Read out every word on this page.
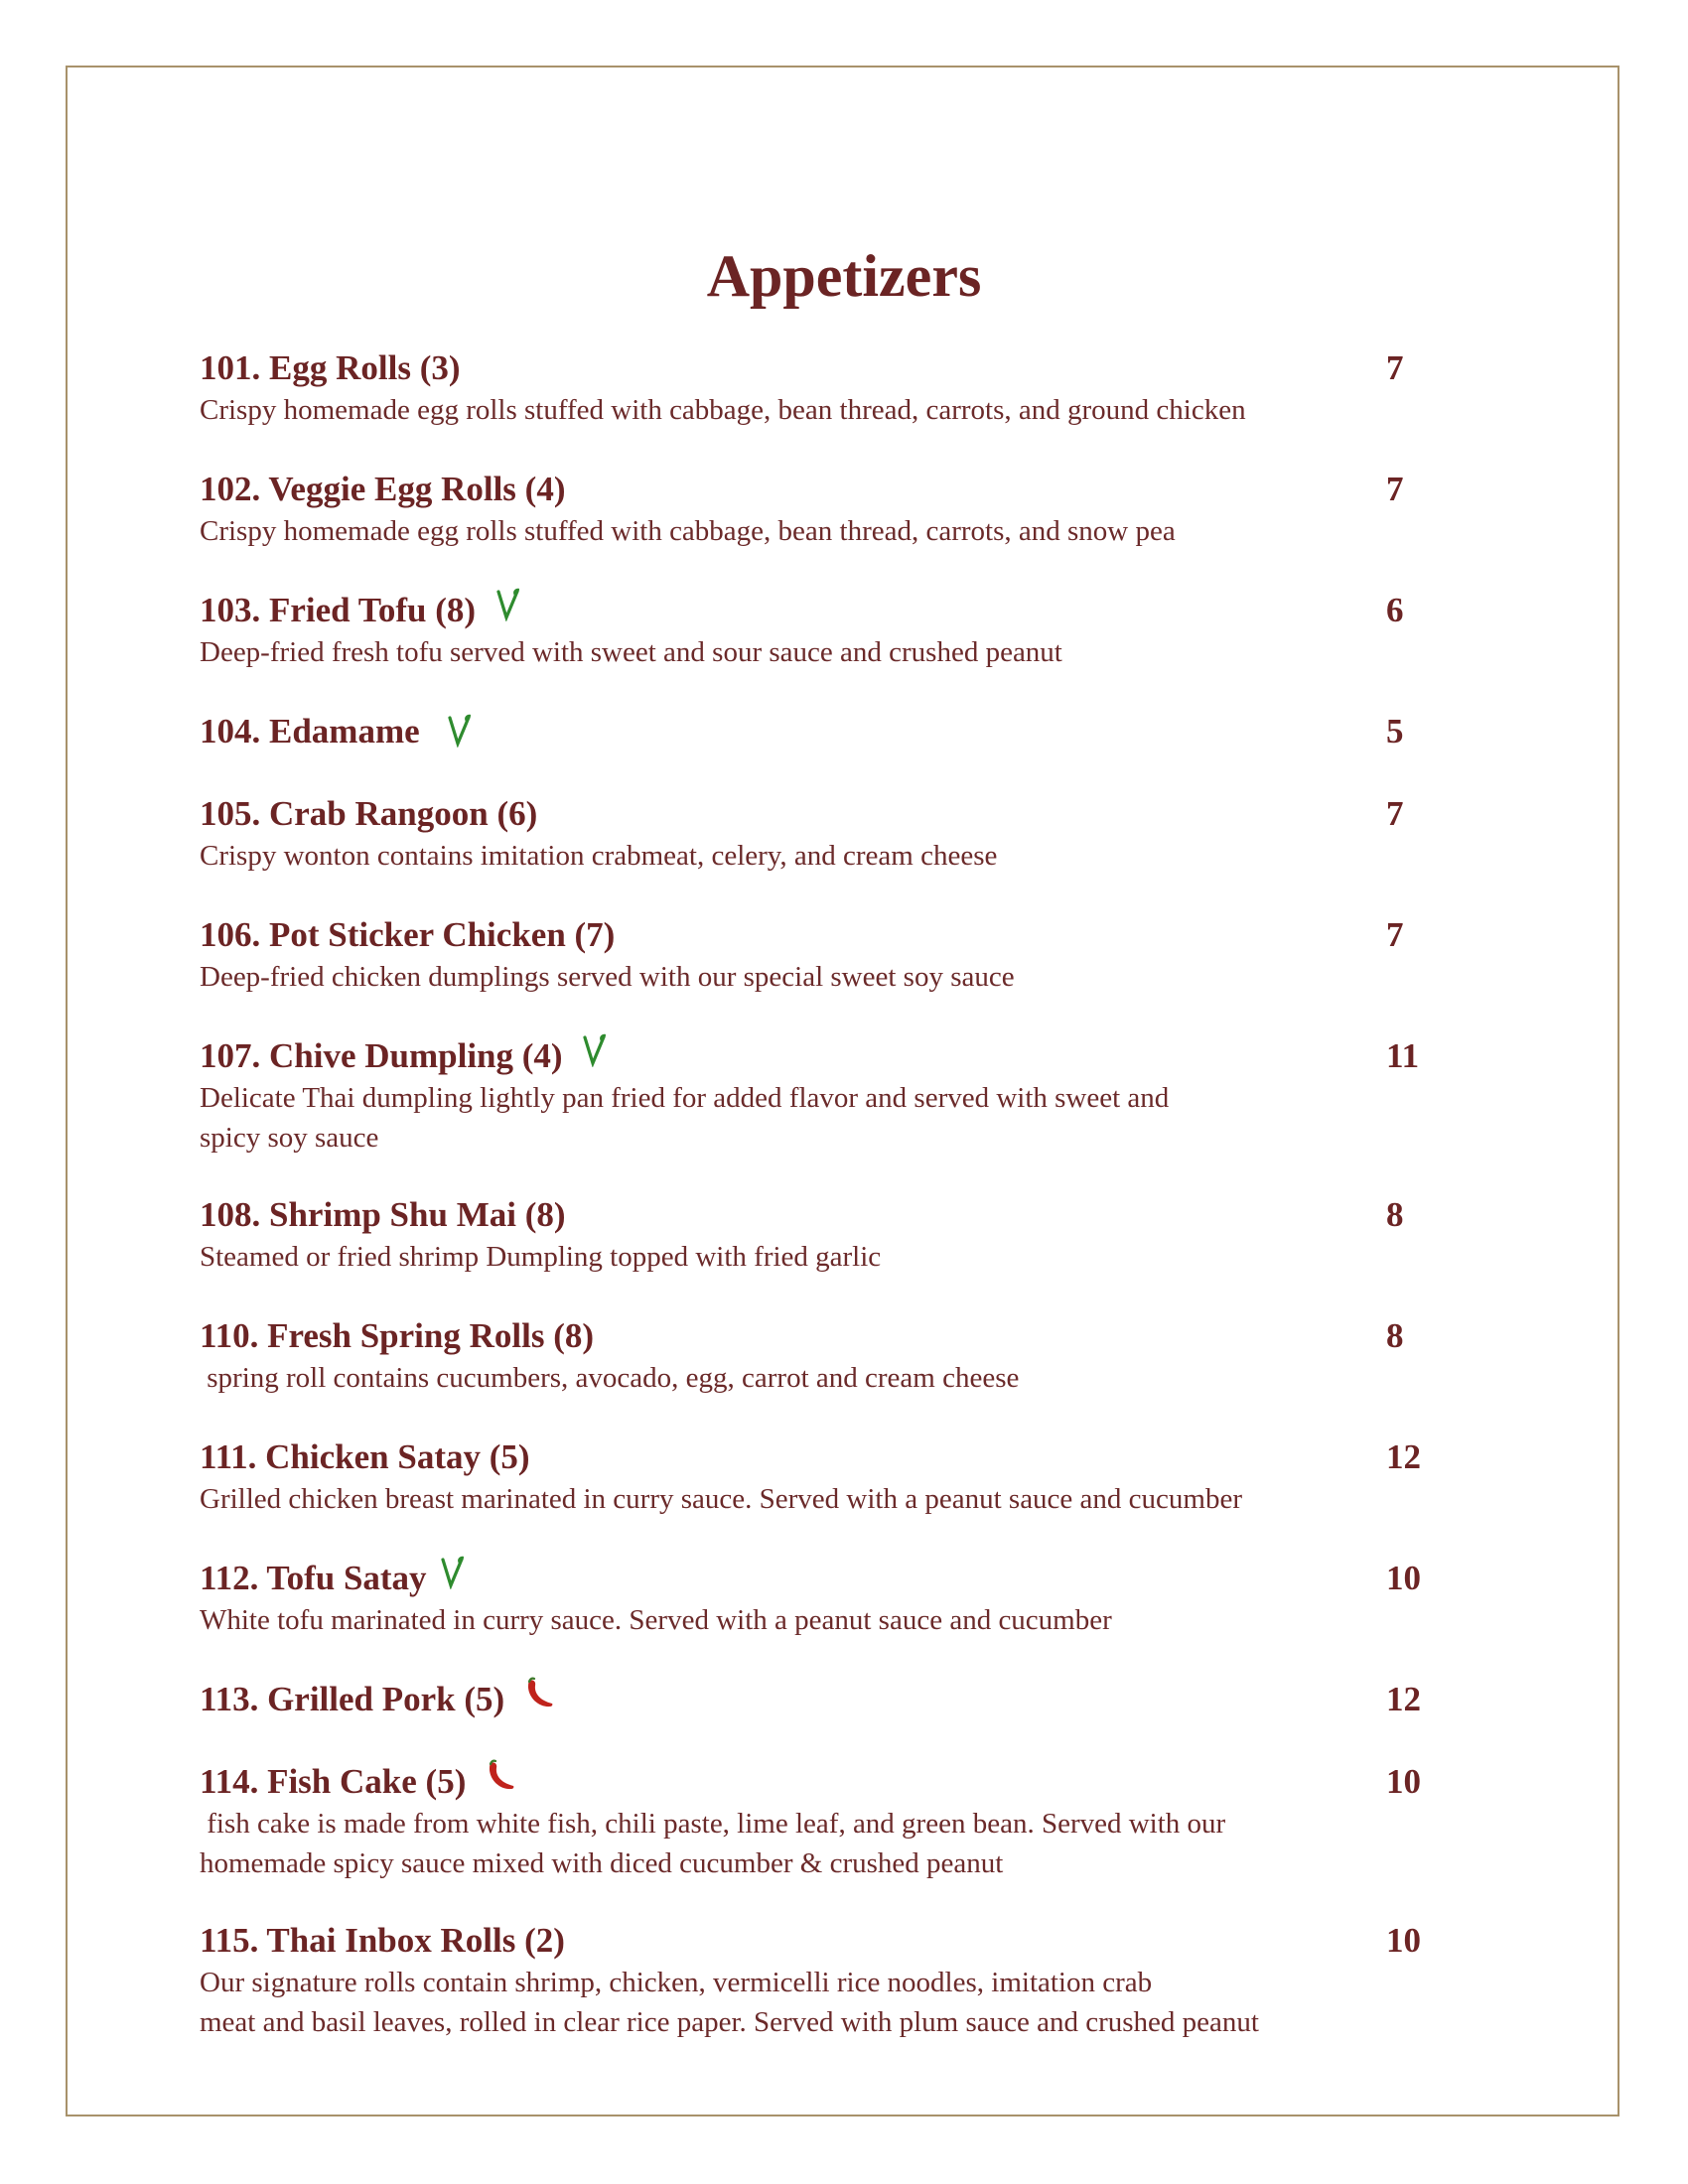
Appetizers
101. Egg Rolls (3)	7
Crispy homemade egg rolls stuffed with cabbage, bean thread, carrots, and ground chicken
102. Veggie Egg Rolls (4)	7
Crispy homemade egg rolls stuffed with cabbage, bean thread, carrots, and snow pea
103. Fried Tofu (8)	6
Deep-fried fresh tofu served with sweet and sour sauce and crushed peanut
104. Edamame	5
105. Crab Rangoon (6)	7
Crispy wonton contains imitation crabmeat, celery, and cream cheese
106. Pot Sticker Chicken (7)	7
Deep-fried chicken dumplings served with our special sweet soy sauce
107. Chive Dumpling (4)	11
Delicate Thai dumpling lightly pan fried for added flavor and served with sweet and
spicy soy sauce
108. Shrimp Shu Mai (8)	8
Steamed or fried shrimp Dumpling topped with fried garlic
110. Fresh Spring Rolls (8)	8
spring roll contains cucumbers, avocado, egg, carrot and cream cheese
111. Chicken Satay (5)	12
Grilled chicken breast marinated in curry sauce. Served with a peanut sauce and cucumber
112. Tofu Satay	10
White tofu marinated in curry sauce. Served with a peanut sauce and cucumber
113. Grilled Pork (5)	12
114. Fish Cake (5)	10
fish cake is made from white fish, chili paste, lime leaf, and green bean. Served with our
homemade spicy sauce mixed with diced cucumber & crushed peanut
115. Thai Inbox Rolls (2)	10
Our signature rolls contain shrimp, chicken, vermicelli rice noodles, imitation crab
meat and basil leaves, rolled in clear rice paper. Served with plum sauce and crushed peanut
